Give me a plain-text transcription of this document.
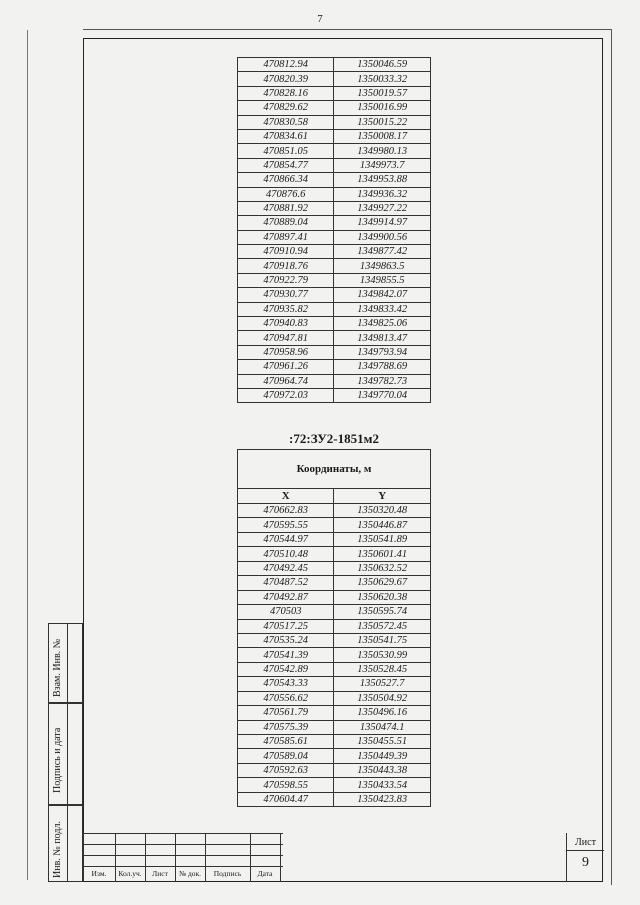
7
470812.94	1350046.59
470820.39	1350033.32
470828.16	1350019.57
470829.62	1350016.99
470830.58	1350015.22
470834.61	1350008.17
470851.05	1349980.13
470854.77	1349973.7
470866.34	1349953.88
470876.6	1349936.32
470881.92	1349927.22
470889.04	1349914.97
470897.41	1349900.56
470910.94	1349877.42
470918.76	1349863.5
470922.79	1349855.5
470930.77	1349842.07
470935.82	1349833.42
470940.83	1349825.06
470947.81	1349813.47
470958.96	1349793.94
470961.26	1349788.69
470964.74	1349782.73
470972.03	1349770.04
:72:ЗУ2-1851м2
Координаты, м	
X	Y
470662.83	1350320.48
470595.55	1350446.87
470544.97	1350541.89
470510.48	1350601.41
470492.45	1350632.52
470487.52	1350629.67
470492.87	1350620.38
470503	1350595.74
470517.25	1350572.45
470535.24	1350541.75
470541.39	1350530.99
470542.89	1350528.45
470543.33	1350527.7
470556.62	1350504.92
470561.79	1350496.16
470575.39	1350474.1
470585.61	1350455.51
470589.04	1350449.39
470592.63	1350443.38
470598.55	1350433.54
470604.47	1350423.83
Взам. Инв. №
Подпись и дата
Инв. № подл.	Изм.	Кол.уч.	Лист	№ док.	Подпись	Дата
Лист
9
